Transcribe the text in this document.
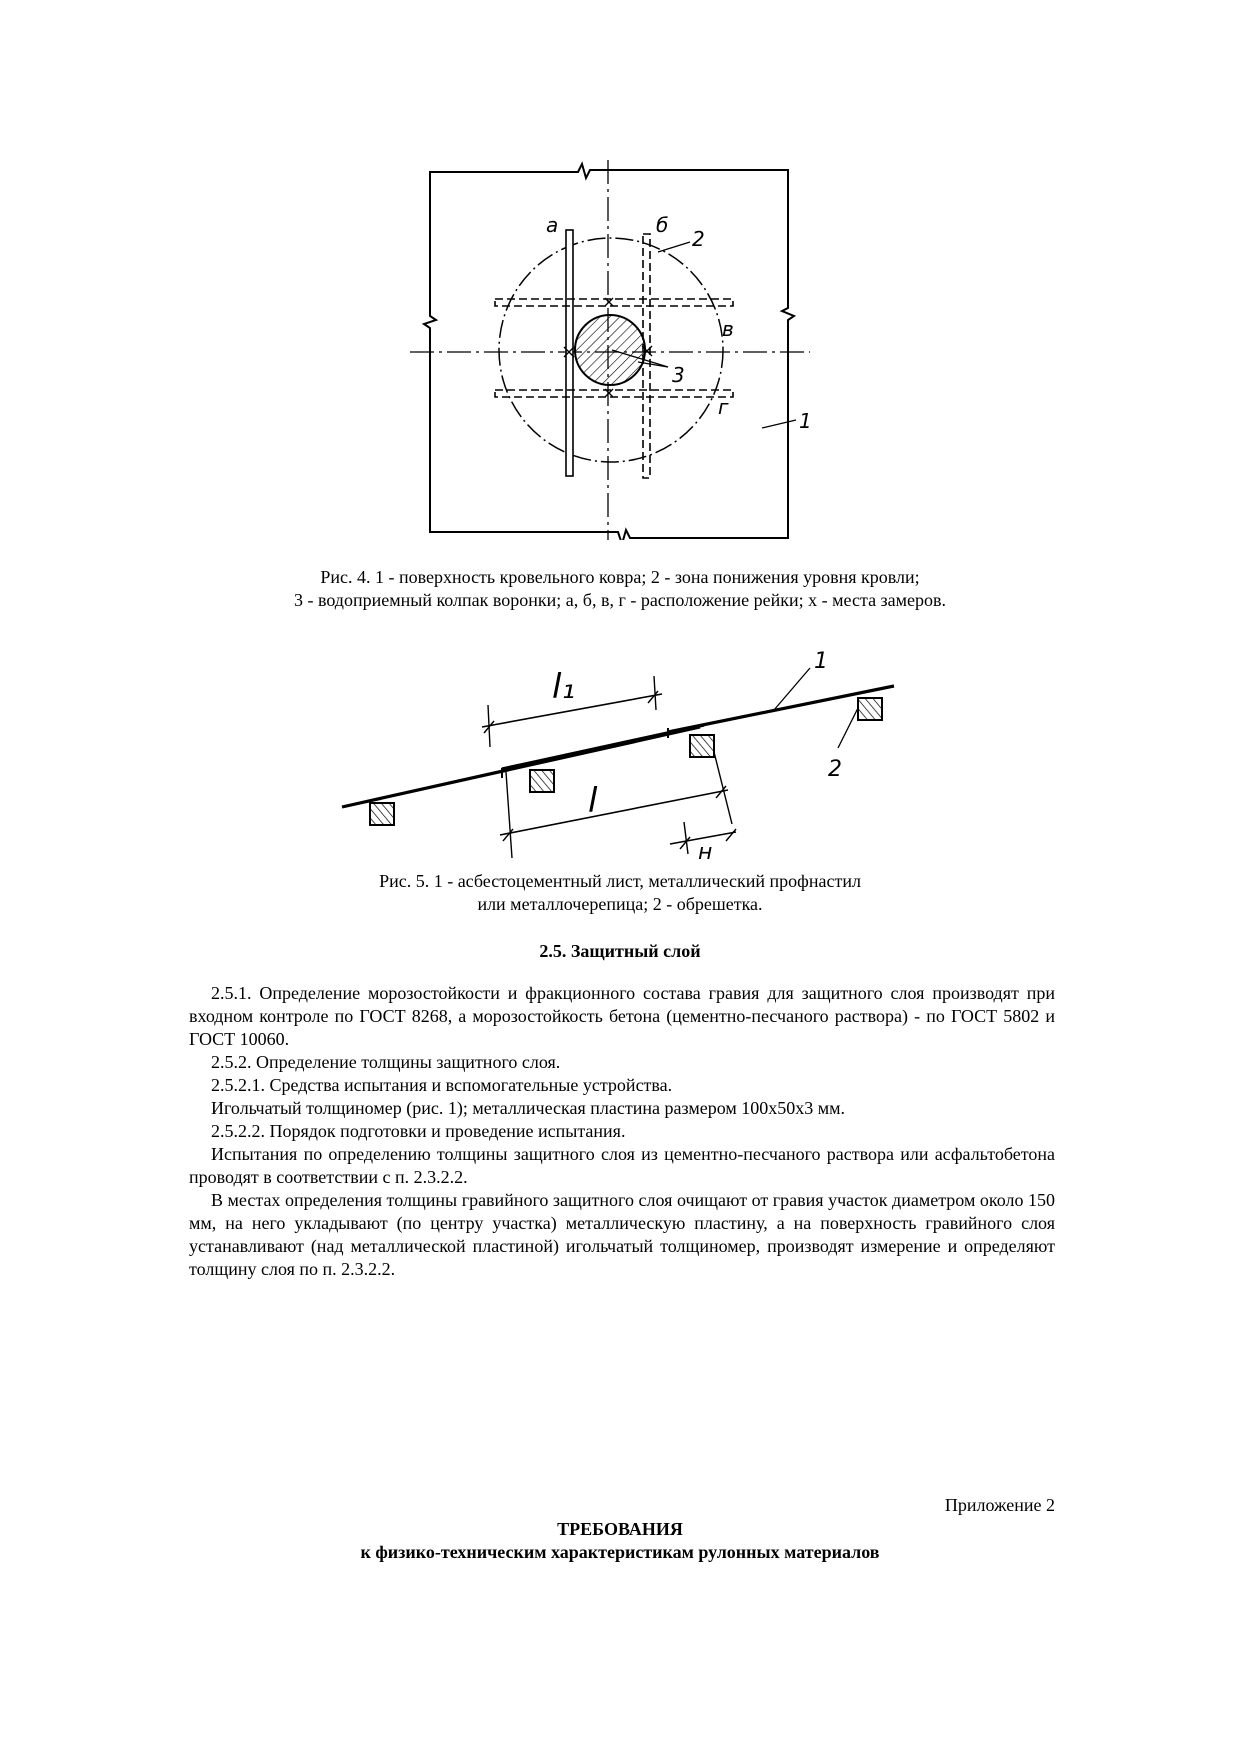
а	б
в
г
2
3
1
Рис. 4. 1 - поверхность кровельного ковра; 2 - зона понижения уровня кровли;
3 - водоприемный колпак воронки; а, б, в, г - расположение рейки; х - места замеров.
l₁
l
н
1
2
Рис. 5. 1 - асбестоцементный лист, металлический профнастил
или металлочерепица; 2 - обрешетка.
2.5. Защитный слой

2.5.1. Определение морозостойкости и фракционного состава гравия для защитного слоя производят при входном контроле по ГОСТ 8268, а морозостойкость бетона (цементно-песчаного раствора) - по ГОСТ 5802 и ГОСТ 10060.

2.5.2. Определение толщины защитного слоя.

2.5.2.1. Средства испытания и вспомогательные устройства.

Игольчатый толщиномер (рис. 1); металлическая пластина размером 100х50х3 мм.

2.5.2.2. Порядок подготовки и проведение испытания.

Испытания по определению толщины защитного слоя из цементно-песчаного раствора или асфальтобетона проводят в соответствии с п. 2.3.2.2.

В местах определения толщины гравийного защитного слоя очищают от гравия участок диаметром около 150 мм, на него укладывают (по центру участка) металлическую пластину, а на поверхность гравийного слоя устанавливают (над металлической пластиной) игольчатый толщиномер, производят измерение и определяют толщину слоя по п. 2.3.2.2.

Приложение 2
ТРЕБОВАНИЯ
к физико-техническим характеристикам рулонных материалов
